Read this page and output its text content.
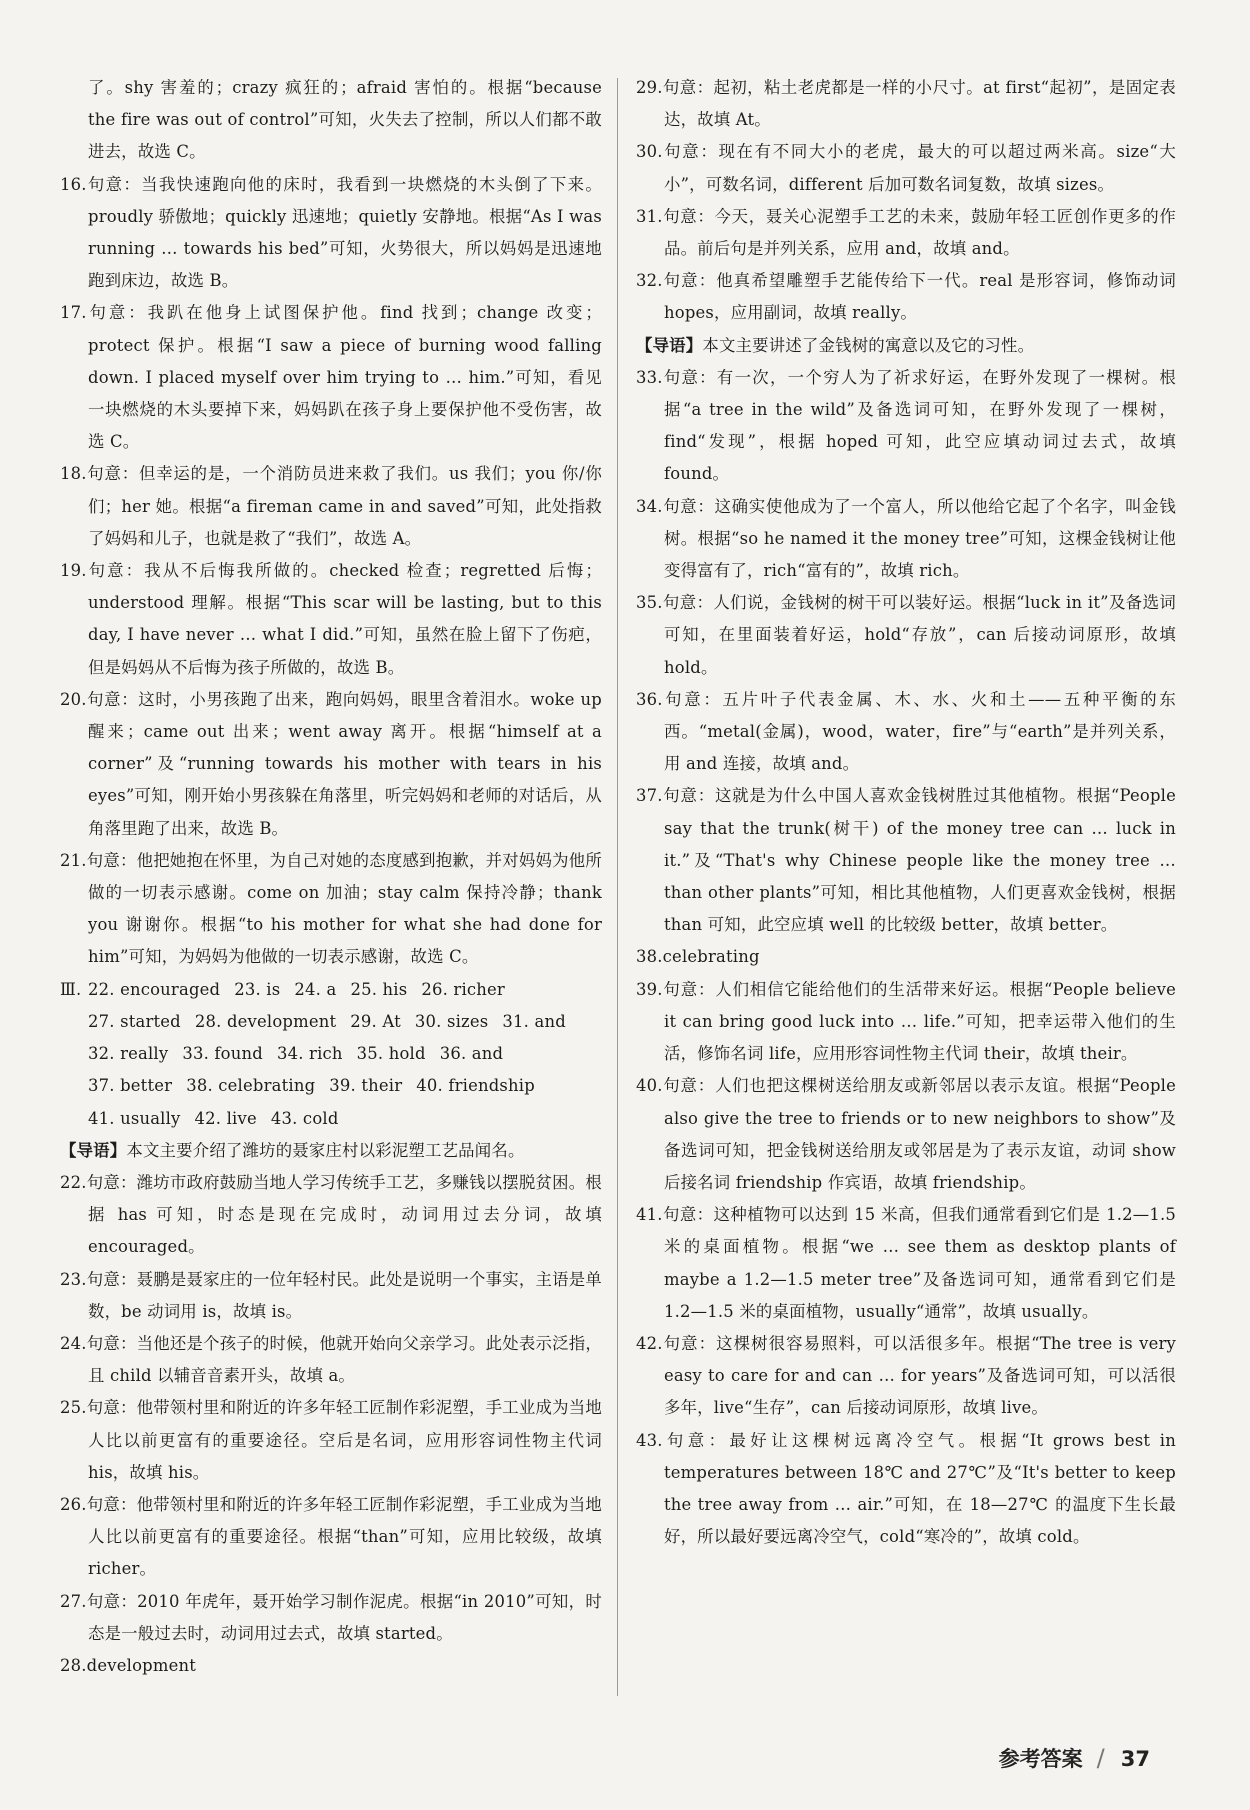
了。shy 害羞的；crazy 疯狂的；afraid 害怕的。根据“because the fire was out of control”可知，火失去了控制，所以人们都不敢进去，故选 C。

16.句意：当我快速跑向他的床时，我看到一块燃烧的木头倒了下来。proudly 骄傲地；quickly 迅速地；quietly 安静地。根据“As I was running … towards his bed”可知，火势很大，所以妈妈是迅速地跑到床边，故选 B。

17.句意：我趴在他身上试图保护他。find 找到；change 改变；protect 保护。根据“I saw a piece of burning wood falling down. I placed myself over him trying to … him.”可知，看见一块燃烧的木头要掉下来，妈妈趴在孩子身上要保护他不受伤害，故选 C。

18.句意：但幸运的是，一个消防员进来救了我们。us 我们；you 你/你们；her 她。根据“a fireman came in and saved”可知，此处指救了妈妈和儿子，也就是救了“我们”，故选 A。

19.句意：我从不后悔我所做的。checked 检查；regretted 后悔；understood 理解。根据“This scar will be lasting, but to this day, I have never … what I did.”可知，虽然在脸上留下了伤疤，但是妈妈从不后悔为孩子所做的，故选 B。

20.句意：这时，小男孩跑了出来，跑向妈妈，眼里含着泪水。woke up 醒来；came out 出来；went away 离开。根据“himself at a corner”及“running towards his mother with tears in his eyes”可知，刚开始小男孩躲在角落里，听完妈妈和老师的对话后，从角落里跑了出来，故选 B。

21.句意：他把她抱在怀里，为自己对她的态度感到抱歉，并对妈妈为他所做的一切表示感谢。come on 加油；stay calm 保持冷静；thank you 谢谢你。根据“to his mother for what she had done for him”可知，为妈妈为他做的一切表示感谢，故选 C。

Ⅲ. 22. encouraged 23. is 24. a 25. his 26. richer
27. started 28. development 29. At 30. sizes 31. and
32. really 33. found 34. rich 35. hold 36. and
37. better 38. celebrating 39. their 40. friendship
41. usually 42. live 43. cold

【导语】本文主要介绍了潍坊的聂家庄村以彩泥塑工艺品闻名。

22.句意：潍坊市政府鼓励当地人学习传统手工艺，多赚钱以摆脱贫困。根据 has 可知，时态是现在完成时，动词用过去分词，故填 encouraged。

23.句意：聂鹏是聂家庄的一位年轻村民。此处是说明一个事实，主语是单数，be 动词用 is，故填 is。

24.句意：当他还是个孩子的时候，他就开始向父亲学习。此处表示泛指，且 child 以辅音音素开头，故填 a。

25.句意：他带领村里和附近的许多年轻工匠制作彩泥塑，手工业成为当地人比以前更富有的重要途径。空后是名词，应用形容词性物主代词 his，故填 his。

26.句意：他带领村里和附近的许多年轻工匠制作彩泥塑，手工业成为当地人比以前更富有的重要途径。根据“than”可知，应用比较级，故填 richer。

27.句意：2010 年虎年，聂开始学习制作泥虎。根据“in 2010”可知，时态是一般过去时，动词用过去式，故填 started。

28.development

29.句意：起初，粘土老虎都是一样的小尺寸。at first“起初”，是固定表达，故填 At。

30.句意：现在有不同大小的老虎，最大的可以超过两米高。size“大小”，可数名词，different 后加可数名词复数，故填 sizes。

31.句意：今天，聂关心泥塑手工艺的未来，鼓励年轻工匠创作更多的作品。前后句是并列关系，应用 and，故填 and。

32.句意：他真希望雕塑手艺能传给下一代。real 是形容词，修饰动词 hopes，应用副词，故填 really。

【导语】本文主要讲述了金钱树的寓意以及它的习性。

33.句意：有一次，一个穷人为了祈求好运，在野外发现了一棵树。根据“a tree in the wild”及备选词可知，在野外发现了一棵树，find“发现”，根据 hoped 可知，此空应填动词过去式，故填 found。

34.句意：这确实使他成为了一个富人，所以他给它起了个名字，叫金钱树。根据“so he named it the money tree”可知，这棵金钱树让他变得富有了，rich“富有的”，故填 rich。

35.句意：人们说，金钱树的树干可以装好运。根据“luck in it”及备选词可知，在里面装着好运，hold“存放”，can 后接动词原形，故填 hold。

36.句意：五片叶子代表金属、木、水、火和土——五种平衡的东西。“metal(金属)，wood，water，fire”与“earth”是并列关系，用 and 连接，故填 and。

37.句意：这就是为什么中国人喜欢金钱树胜过其他植物。根据“People say that the trunk(树干) of the money tree can … luck in it.”及“That's why Chinese people like the money tree … than other plants”可知，相比其他植物，人们更喜欢金钱树，根据 than 可知，此空应填 well 的比较级 better，故填 better。

38.celebrating

39.句意：人们相信它能给他们的生活带来好运。根据“People believe it can bring good luck into … life.”可知，把幸运带入他们的生活，修饰名词 life，应用形容词性物主代词 their，故填 their。

40.句意：人们也把这棵树送给朋友或新邻居以表示友谊。根据“People also give the tree to friends or to new neighbors to show”及备选词可知，把金钱树送给朋友或邻居是为了表示友谊，动词 show 后接名词 friendship 作宾语，故填 friendship。

41.句意：这种植物可以达到 15 米高，但我们通常看到它们是 1.2—1.5 米的桌面植物。根据“we … see them as desktop plants of maybe a 1.2—1.5 meter tree”及备选词可知，通常看到它们是 1.2—1.5 米的桌面植物，usually“通常”，故填 usually。

42.句意：这棵树很容易照料，可以活很多年。根据“The tree is very easy to care for and can … for years”及备选词可知，可以活很多年，live“生存”，can 后接动词原形，故填 live。

43.句意：最好让这棵树远离冷空气。根据“It grows best in temperatures between 18℃ and 27℃”及“It's better to keep the tree away from … air.”可知，在 18—27℃ 的温度下生长最好，所以最好要远离冷空气，cold“寒冷的”，故填 cold。

参考答案 / 37
